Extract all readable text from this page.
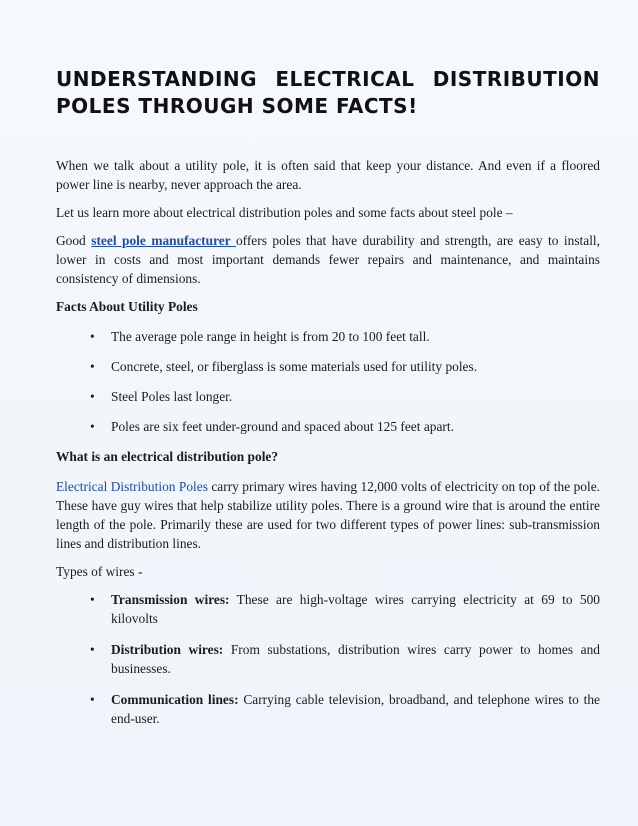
UNDERSTANDING ELECTRICAL DISTRIBUTION POLES THROUGH SOME FACTS!

When we talk about a utility pole, it is often said that keep your distance. And even if a floored power line is nearby, never approach the area.

Let us learn more about electrical distribution poles and some facts about steel pole –

Good steel pole manufacturer offers poles that have durability and strength, are easy to install, lower in costs and most important demands fewer repairs and maintenance, and maintains consistency of dimensions.

Facts About Utility Poles

• The average pole range in height is from 20 to 100 feet tall.
• Concrete, steel, or fiberglass is some materials used for utility poles.
• Steel Poles last longer.
• Poles are six feet under-ground and spaced about 125 feet apart.

What is an electrical distribution pole?

Electrical Distribution Poles carry primary wires having 12,000 volts of electricity on top of the pole. These have guy wires that help stabilize utility poles. There is a ground wire that is around the entire length of the pole. Primarily these are used for two different types of power lines: sub-transmission lines and distribution lines.

Types of wires -

• Transmission wires: These are high-voltage wires carrying electricity at 69 to 500 kilovolts
• Distribution wires: From substations, distribution wires carry power to homes and businesses.
• Communication lines: Carrying cable television, broadband, and telephone wires to the end-user.
